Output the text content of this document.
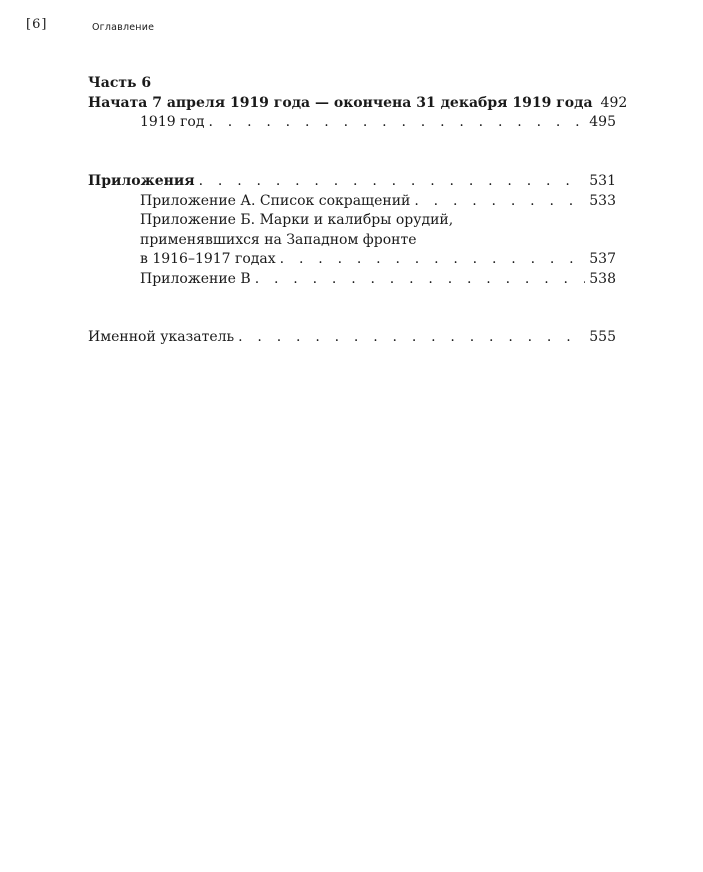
[6]	Оглавление
Часть 6
Начата 7 апреля 1919 года — окончена 31 декабря 1919 года 492
1919 год . . .	495
Приложения . . .	531
Приложение А. Список сокращений . . .	533
Приложение Б. Марки и калибры орудий,
применявшихся на Западном фронте
в 1916–1917 годах . . .	537
Приложение В . . .	538
Именной указатель . . .	555
